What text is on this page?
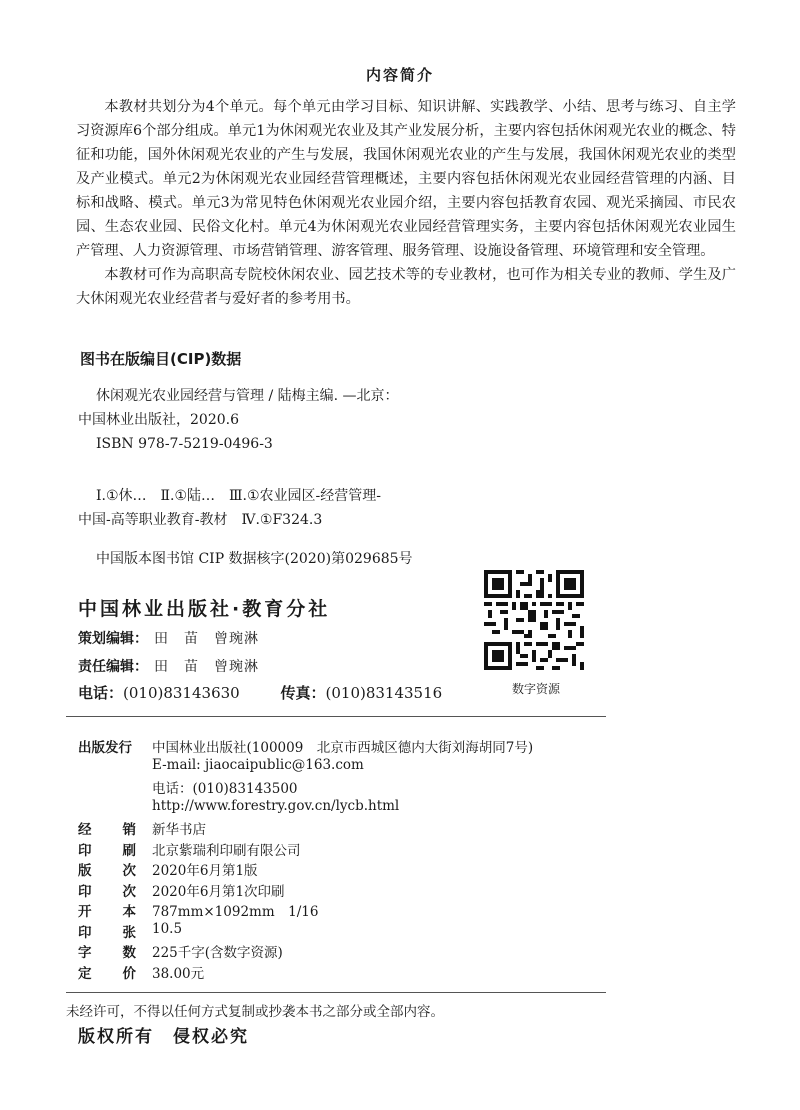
内容简介

本教材共划分为4个单元。每个单元由学习目标、知识讲解、实践教学、小结、思考与练习、自主学习资源库6个部分组成。单元1为休闲观光农业及其产业发展分析，主要内容包括休闲观光农业的概念、特征和功能，国外休闲观光农业的产生与发展，我国休闲观光农业的产生与发展，我国休闲观光农业的类型及产业模式。单元2为休闲观光农业园经营管理概述，主要内容包括休闲观光农业园经营管理的内涵、目标和战略、模式。单元3为常见特色休闲观光农业园介绍，主要内容包括教育农园、观光采摘园、市民农园、生态农业园、民俗文化村。单元4为休闲观光农业园经营管理实务，主要内容包括休闲观光农业园生产管理、人力资源管理、市场营销管理、游客管理、服务管理、设施设备管理、环境管理和安全管理。

本教材可作为高职高专院校休闲农业、园艺技术等的专业教材，也可作为相关专业的教师、学生及广大休闲观光农业经营者与爱好者的参考用书。

图书在版编目(CIP)数据
休闲观光农业园经营与管理 / 陆梅主编. —北京：
中国林业出版社，2020.6
ISBN 978-7-5219-0496-3
Ⅰ.①休…　Ⅱ.①陆…　Ⅲ.①农业园区-经营管理-
中国-高等职业教育-教材　Ⅳ.①F324.3
中国版本图书馆 CIP 数据核字(2020)第029685号
中国林业出版社·教育分社
策划编辑： 田　苗　曾琬淋
责任编辑： 田　苗　曾琬淋
电话：(010)83143630	传真：(010)83143516	数字资源
出版发行 中国林业出版社(100009　北京市西城区德内大街刘海胡同7号)
E-mail: jiaocaipublic@163.com
电话：(010)83143500
http://www.forestry.gov.cn/lycb.html
经 销 新华书店
印 刷 北京紫瑞利印刷有限公司
版 次 2020年6月第1版
印 次 2020年6月第1次印刷
开 本 787mm×1092mm　1/16
印 张 10.5
字 数 225千字(含数字资源)
定 价 38.00元
未经许可，不得以任何方式复制或抄袭本书之部分或全部内容。
版权所有　侵权必究
